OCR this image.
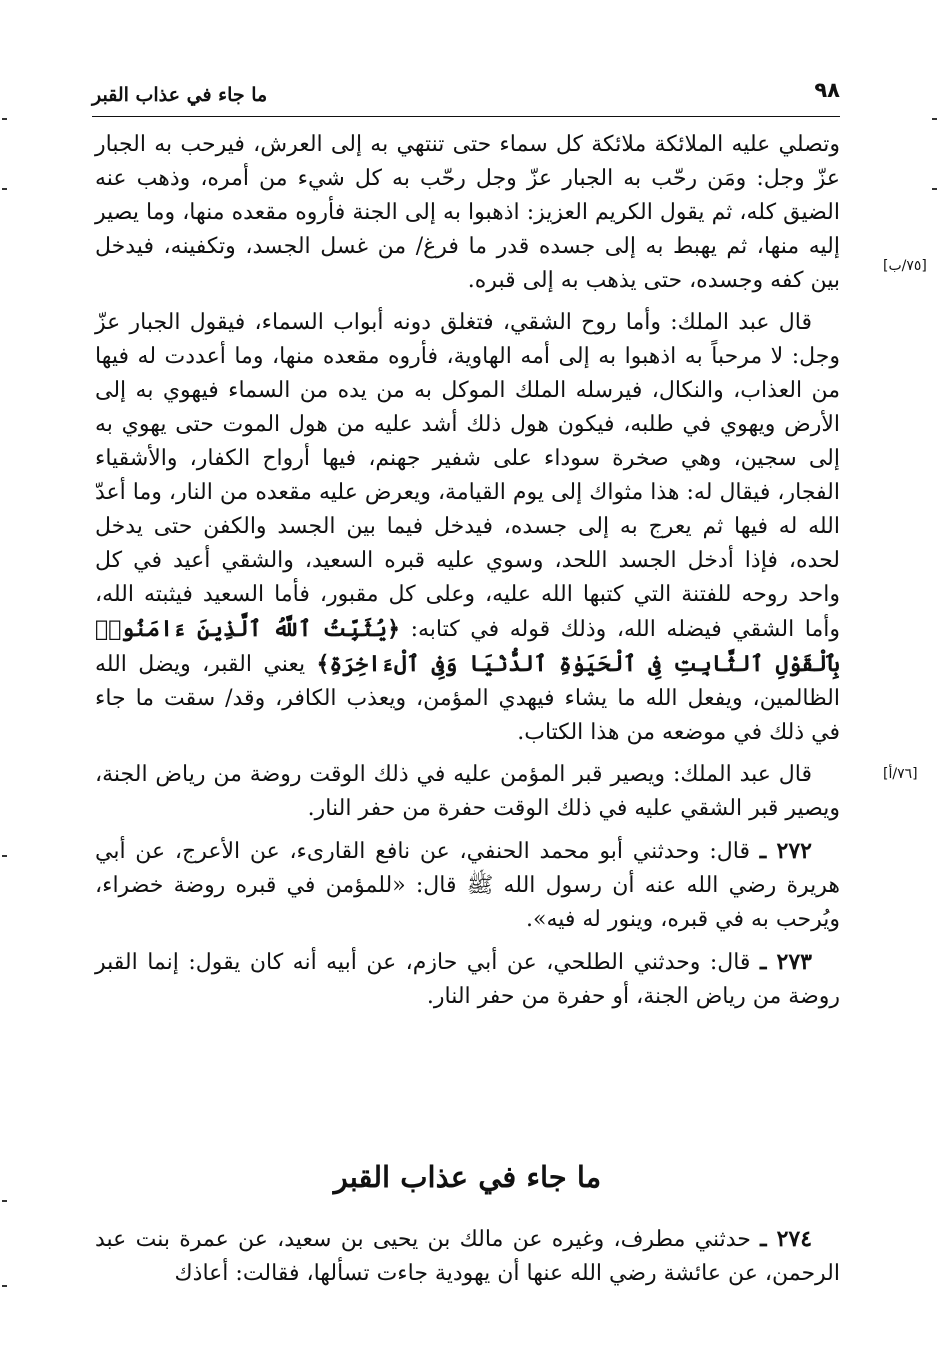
٩٨
ما جاء في عذاب القبر

وتصلي عليه الملائكة ملائكة كل سماء حتى تنتهي به إلى العرش، فيرحب به الجبار عزّ وجل: ومَن رحّب به الجبار عزّ وجل رحّب به كل شيء من أمره، وذهب عنه الضيق كله، ثم يقول الكريم العزيز: اذهبوا به إلى الجنة فأروه مقعده منها، وما يصير إليه منها، ثم يهبط به إلى جسده قدر ما فرغ/ من غسل الجسد، وتكفينه، فيدخل بين كفه وجسده، حتى يذهب به إلى قبره.

قال عبد الملك: وأما روح الشقي، فتغلق دونه أبواب السماء، فيقول الجبار عزّ وجل: لا مرحباً به اذهبوا به إلى أمه الهاوية، فأروه مقعده منها، وما أعددت له فيها من العذاب، والنكال، فيرسله الملك الموكل به من يده من السماء فيهوي به إلى الأرض ويهوي في طلبه، فيكون هول ذلك أشد عليه من هول الموت حتى يهوي به إلى سجين، وهي صخرة سوداء على شفير جهنم، فيها أرواح الكفار، والأشقياء الفجار، فيقال له: هذا مثواك إلى يوم القيامة، ويعرض عليه مقعده من النار، وما أعدّ الله له فيها ثم يعرج به إلى جسده، فيدخل فيما بين الجسد والكفن حتى يدخل لحده، فإذا أدخل الجسد اللحد، وسوي عليه قبره السعيد، والشقي أعيد في كل واحد روحه للفتنة التي كتبها الله عليه، وعلى كل مقبور، فأما السعيد فيثبته الله، وأما الشقي فيضله الله، وذلك قوله في كتابه: ﴿يُثَبِّتُ ٱللَّهُ ٱلَّذِينَ ءَامَنُوا۟ بِٱلْقَوْلِ ٱلثَّابِتِ فِى ٱلْحَيَوٰةِ ٱلدُّنْيَا وَفِى ٱلْءَاخِرَةِ﴾ يعني القبر، ويضل الله الظالمين، ويفعل الله ما يشاء فيهدي المؤمن، ويعذب الكافر، وقد/ سقت ما جاء في ذلك في موضعه من هذا الكتاب.

قال عبد الملك: ويصير قبر المؤمن عليه في ذلك الوقت روضة من رياض الجنة، ويصير قبر الشقي عليه في ذلك الوقت حفرة من حفر النار.

٢٧٢ ـ قال: وحدثني أبو محمد الحنفي، عن نافع القارىء، عن الأعرج، عن أبي هريرة رضي الله عنه أن رسول الله ﷺ قال: «للمؤمن في قبره روضة خضراء، ويُرحب به في قبره، وينور له فيه».

٢٧٣ ـ قال: وحدثني الطلحي، عن أبي حازم، عن أبيه أنه كان يقول: إنما القبر روضة من رياض الجنة، أو حفرة من حفر النار.

[٧٥/ب]
[٧٦/أ]
ما جاء في عذاب القبر

٢٧٤ ـ حدثني مطرف، وغيره عن مالك بن يحيى بن سعيد، عن عمرة بنت عبد الرحمن، عن عائشة رضي الله عنها أن يهودية جاءت تسألها، فقالت: أعاذك
